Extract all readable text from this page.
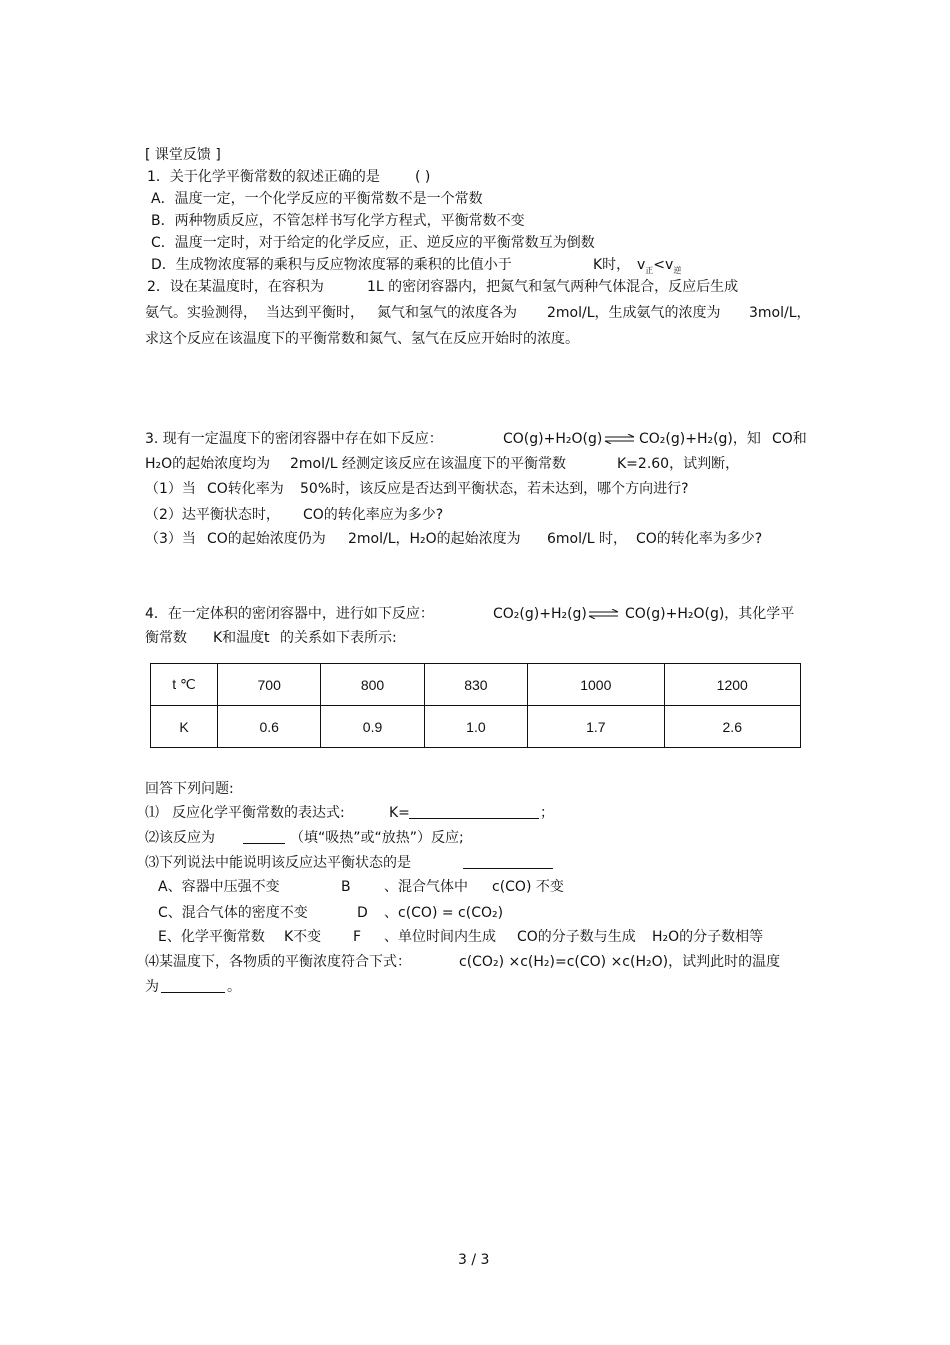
[ 课堂反馈 ]
1．关于化学平衡常数的叙述正确的是	( )
A．温度一定，一个化学反应的平衡常数不是一个常数
B．两种物质反应，不管怎样书写化学方程式，平衡常数不变
C．温度一定时，对于给定的化学反应，正、逆反应的平衡常数互为倒数
D．生成物浓度幂的乘积与反应物浓度幂的乘积的比值小于	K时， $v_正<v_逆$
2．设在某温度时，在容积为	1L 的密闭容器内，把氮气和氢气两种气体混合，反应后生成
氨气。实验测得， 当达到平衡时， 氮气和氢气的浓度各为 2mol/L，生成氨气的浓度为 3mol/L，
求这个反应在该温度下的平衡常数和氮气、氢气在反应开始时的浓度。
3. 现有一定温度下的密闭容器中存在如下反应：	CO(g)+H₂O(g) ⇌ CO₂(g)+H₂(g)，知 CO和
H₂O的起始浓度均为 2mol/L 经测定该反应在该温度下的平衡常数	K=2.60，试判断，
（1）当 CO转化率为 50%时，该反应是否达到平衡状态，若未达到，哪个方向进行?
（2）达平衡状态时， CO的转化率应为多少?
（3）当 CO的起始浓度仍为 2mol/L，H₂O的起始浓度为 6mol/L 时， CO的转化率为多少?
4．在一定体积的密闭容器中，进行如下反应：	CO₂(g)+H₂(g) ⇌ CO(g)+H₂O(g)，其化学平
衡常数 K和温度 t 的关系如下表所示:
t ℃	700	800	830	1000	1200
K	0.6	0.9	1.0	1.7	2.6
回答下列问题:
⑴ 反应化学平衡常数的表达式:	K=	；
⑵该反应为	（填“吸热”或“放热”）反应;
⑶下列说法中能说明该反应达平衡状态的是
A、容器中压强不变	B 、混合气体中 c(CO) 不变
C、混合气体的密度不变	D 、c(CO) = c(CO₂)
E、化学平衡常数 K不变 F 、单位时间内生成 CO的分子数与生成 H₂O的分子数相等
⑷某温度下，各物质的平衡浓度符合下式：	c(CO₂) ×c(H₂)=c(CO) ×c(H₂O)，试判此时的温度
为	。
3 / 3
